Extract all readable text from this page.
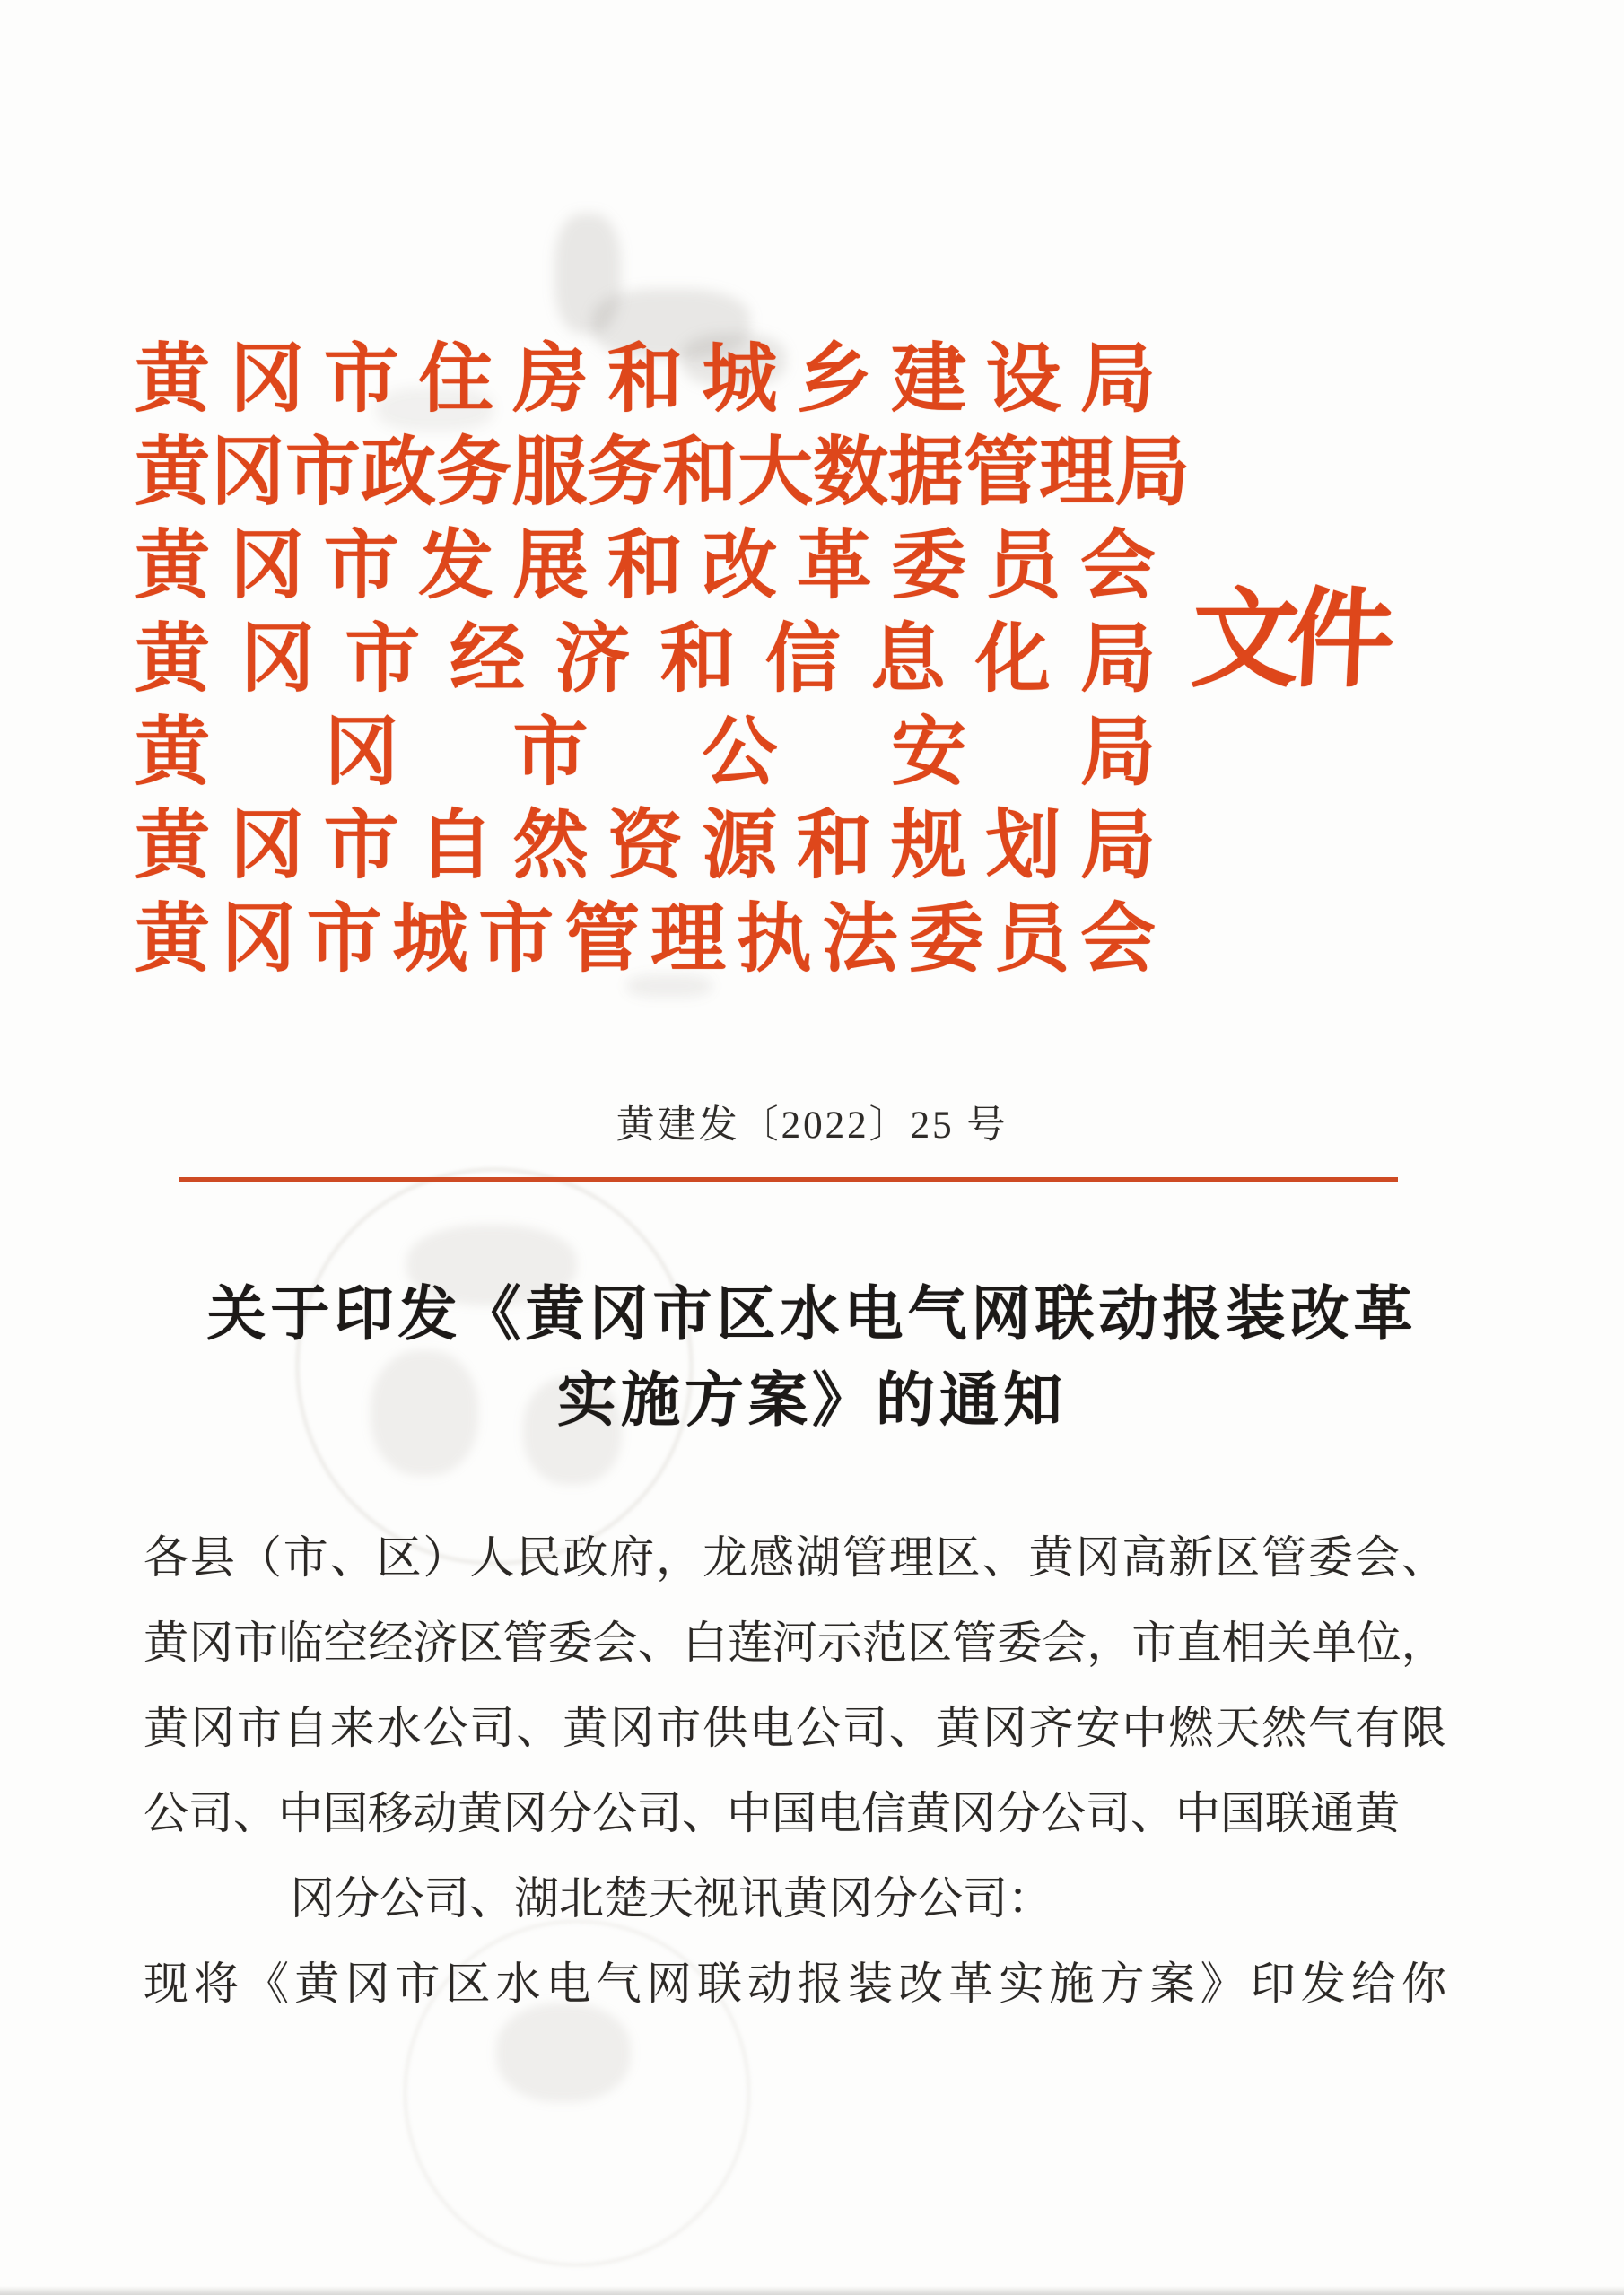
黄 冈 市 住 房 和 城 乡 建 设 局
黄 冈 市 政 务 服 务 和 大 数 据 管 理 局
黄 冈 市 发 展 和 改 革 委 员 会
黄 冈 市 经 济 和 信 息 化 局
黄 冈 市 公 安 局
黄 冈 市 自 然 资 源 和 规 划 局
黄 冈 市 城 市 管 理 执 法 委 员 会
文件
黄建发〔2022〕25 号
关于印发《黄冈市区水电气网联动报装改革
实施方案》的通知
各 县 （ 市 、 区 ） 人 民 政 府 ， 龙 感 湖 管 理 区 、 黄 冈 高 新 区 管 委 会 、
黄 冈 市 临 空 经 济 区 管 委 会 、 白 莲 河 示 范 区 管 委 会 ， 市 直 相 关 单 位 ，
黄 冈 市 自 来 水 公 司 、 黄 冈 市 供 电 公 司 、 黄 冈 齐 安 中 燃 天 然 气 有 限
公 司 、 中 国 移 动 黄 冈 分 公 司 、 中 国 电 信 黄 冈 分 公 司 、 中 国 联 通 黄
冈 分 公 司 、 湖 北 楚 天 视 讯 黄 冈 分 公 司 ：
现 将 《 黄 冈 市 区 水 电 气 网 联 动 报 装 改 革 实 施 方 案 》 印 发 给 你
